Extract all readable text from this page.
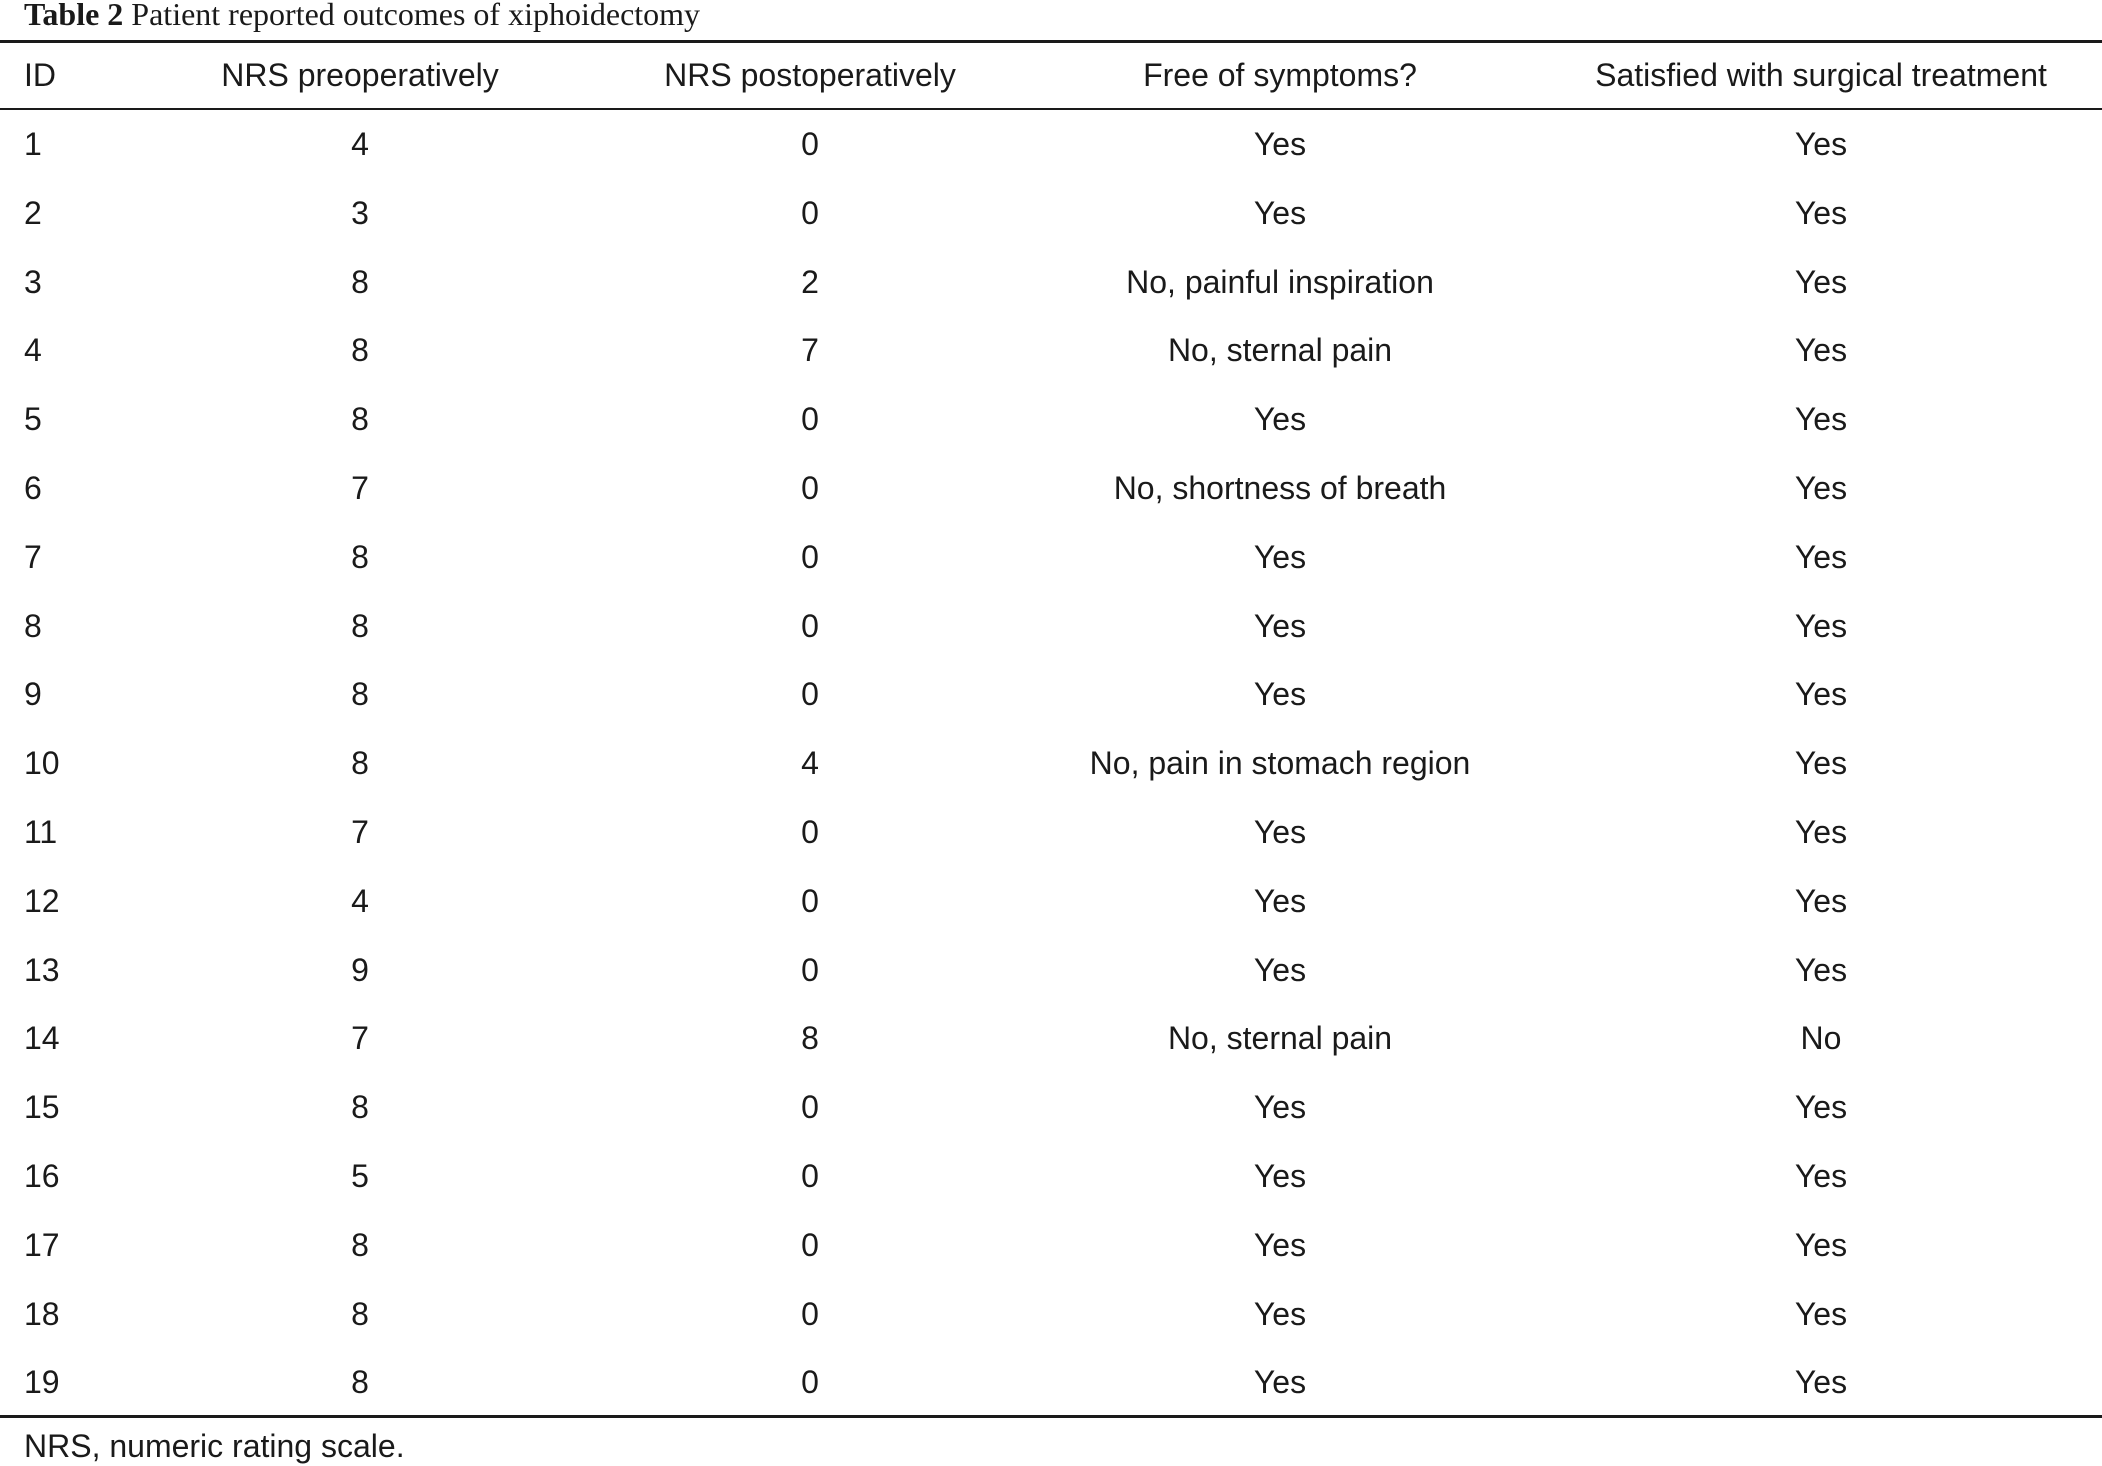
Table 2 Patient reported outcomes of xiphoidectomy
ID	NRS preoperatively	NRS postoperatively	Free of symptoms?	Satisfied with surgical treatment
1	4	0	Yes	Yes
2	3	0	Yes	Yes
3	8	2	No, painful inspiration	Yes
4	8	7	No, sternal pain	Yes
5	8	0	Yes	Yes
6	7	0	No, shortness of breath	Yes
7	8	0	Yes	Yes
8	8	0	Yes	Yes
9	8	0	Yes	Yes
10	8	4	No, pain in stomach region	Yes
11	7	0	Yes	Yes
12	4	0	Yes	Yes
13	9	0	Yes	Yes
14	7	8	No, sternal pain	No
15	8	0	Yes	Yes
16	5	0	Yes	Yes
17	8	0	Yes	Yes
18	8	0	Yes	Yes
19	8	0	Yes	Yes
NRS, numeric rating scale.
